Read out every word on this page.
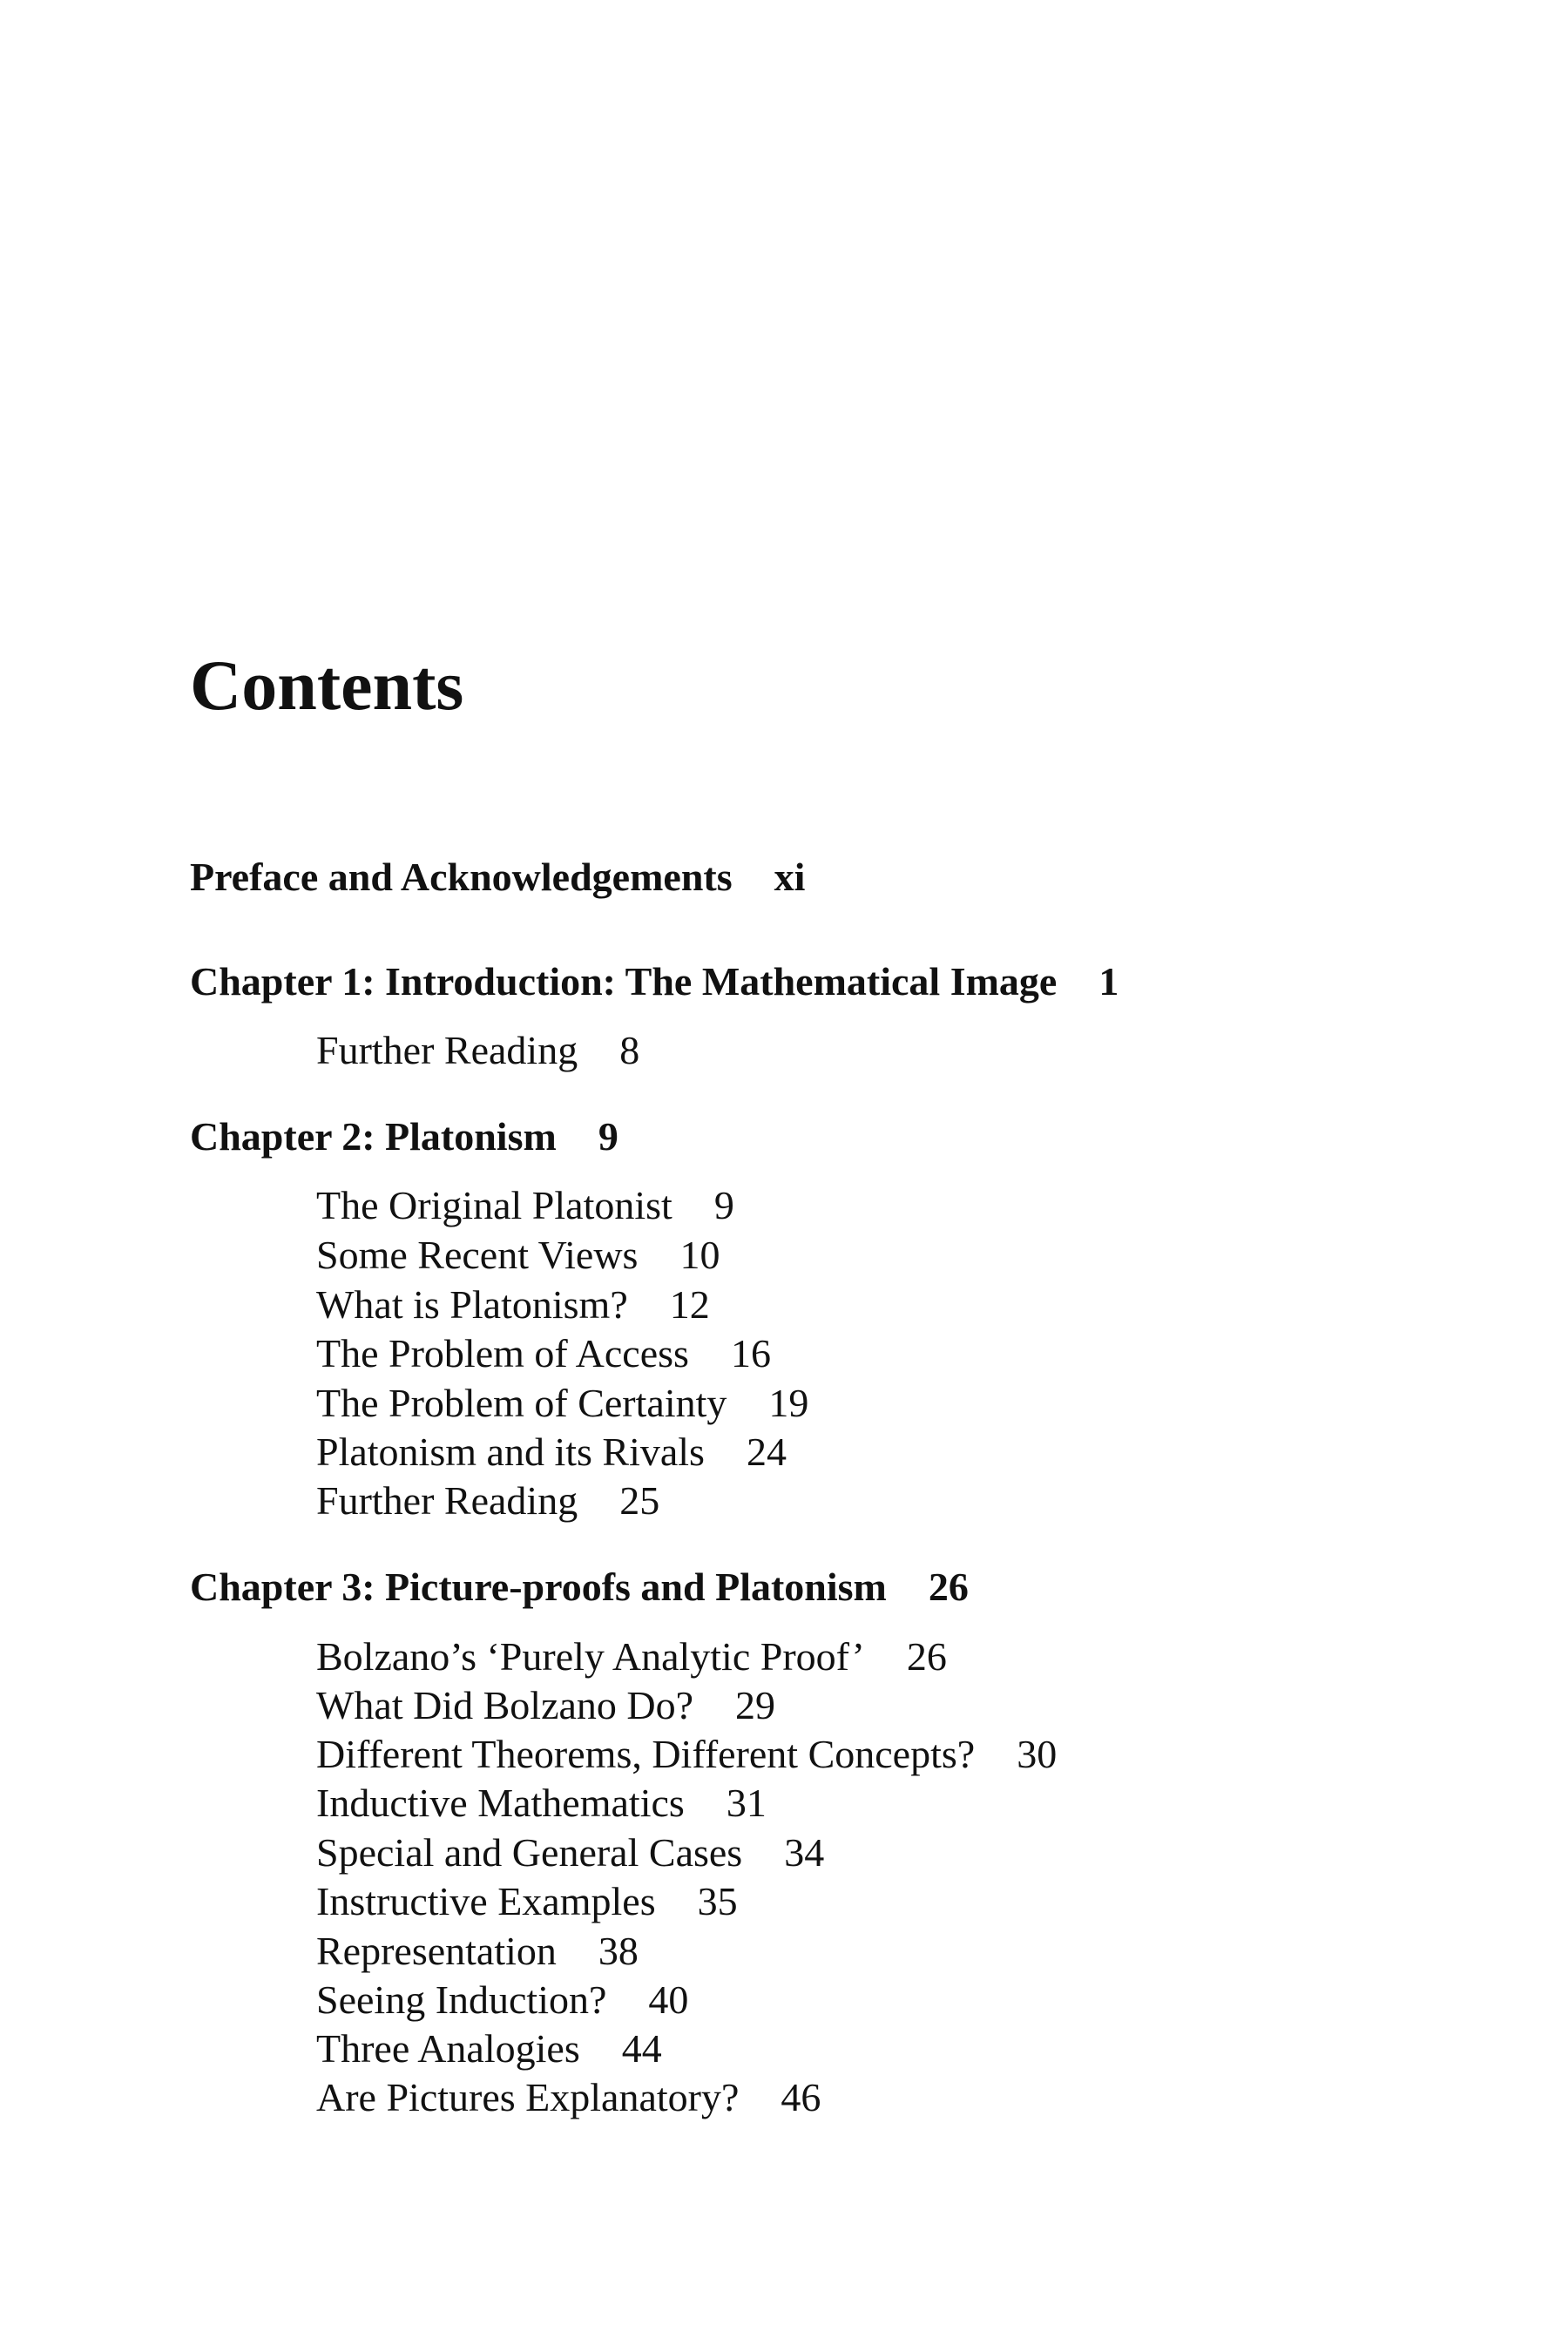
Contents

Preface and Acknowledgements xi

Chapter 1: Introduction: The Mathematical Image 1

Further Reading 8

Chapter 2: Platonism 9

The Original Platonist 9

Some Recent Views 10

What is Platonism? 12

The Problem of Access 16

The Problem of Certainty 19

Platonism and its Rivals 24

Further Reading 25

Chapter 3: Picture-proofs and Platonism 26

Bolzano’s ‘Purely Analytic Proof’ 26

What Did Bolzano Do? 29

Different Theorems, Different Concepts? 30

Inductive Mathematics 31

Special and General Cases 34

Instructive Examples 35

Representation 38

Seeing Induction? 40

Three Analogies 44

Are Pictures Explanatory? 46
